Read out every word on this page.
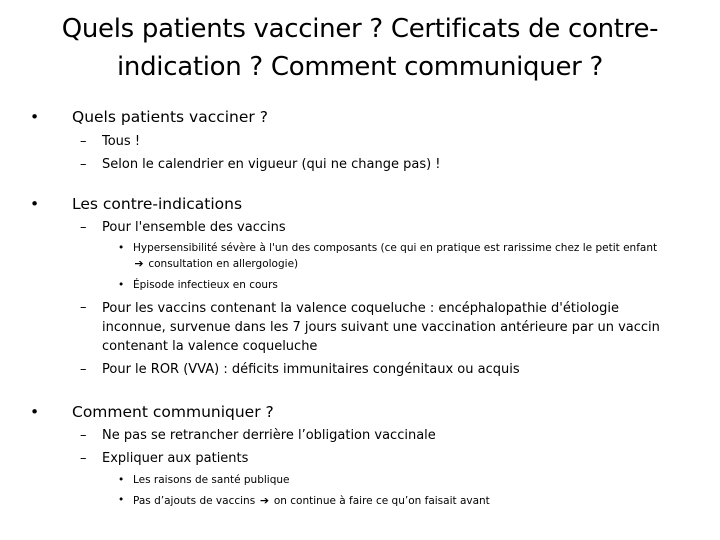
Quels patients vacciner ? Certificats de contre-indication ? Comment communiquer ?
• Quels patients vacciner ?
– Tous !
– Selon le calendrier en vigueur (qui ne change pas) !
• Les contre-indications
– Pour l'ensemble des vaccins
• Hypersensibilité sévère à l'un des composants (ce qui en pratique est rarissime chez le petit enfant
➔ consultation en allergologie)
• Épisode infectieux en cours
– Pour les vaccins contenant la valence coqueluche : encéphalopathie d'étiologie inconnue, survenue dans les 7 jours suivant une vaccination antérieure par un vaccin contenant la valence coqueluche
– Pour le ROR (VVA) : déficits immunitaires congénitaux ou acquis
• Comment communiquer ?
– Ne pas se retrancher derrière l’obligation vaccinale
– Expliquer aux patients
• Les raisons de santé publique
• Pas d’ajouts de vaccins ➔ on continue à faire ce qu’on faisait avant
